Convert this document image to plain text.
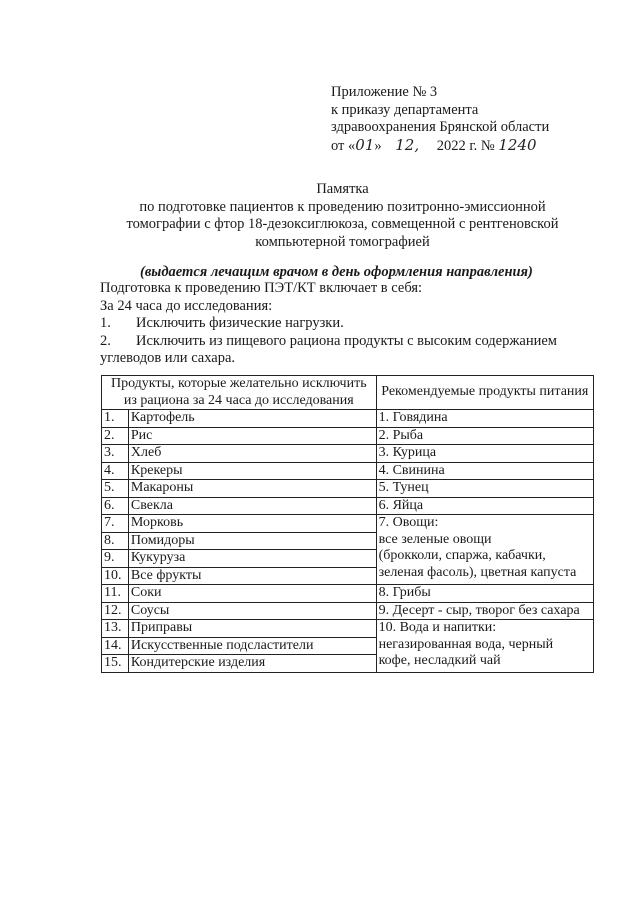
Приложение № 3
к приказу департамента
здравоохранения Брянской области
от «01» 12, 2022 г. № 1240
Памятка
по подготовке пациентов к проведению позитронно-эмиссионной
томографии с фтор 18-дезоксиглюкоза, совмещенной с рентгеновской
компьютерной томографией
(выдается лечащим врачом в день оформления направления)
Подготовка к проведению ПЭТ/КТ включает в себя:
За 24 часа до исследования:
1. Исключить физические нагрузки.
2. Исключить из пищевого рациона продукты с высоким содержанием
углеводов или сахара.
Продукты, которые желательно исключить из рациона за 24 часа до исследования		Рекомендуемые продукты питания
1.	Картофель	1. Говядина
2.	Рис	2. Рыба
3.	Хлеб	3. Курица
4.	Крекеры	4. Свинина
5.	Макароны	5. Тунец
6.	Свекла	6. Яйца
7.	Морковь	7. Овощи:
все зеленые овощи
(брокколи, спаржа, кабачки,
зеленая фасоль), цветная капуста

8.	Помидоры	
9.	Кукуруза	
10.	Все фрукты	
11.	Соки	8. Грибы
12.	Соусы	9. Десерт - сыр, творог без сахара
13.	Приправы	10. Вода и напитки:
негазированная вода, черный
кофе, несладкий чай

14.	Искусственные подсластители	
15.	Кондитерские изделия	
